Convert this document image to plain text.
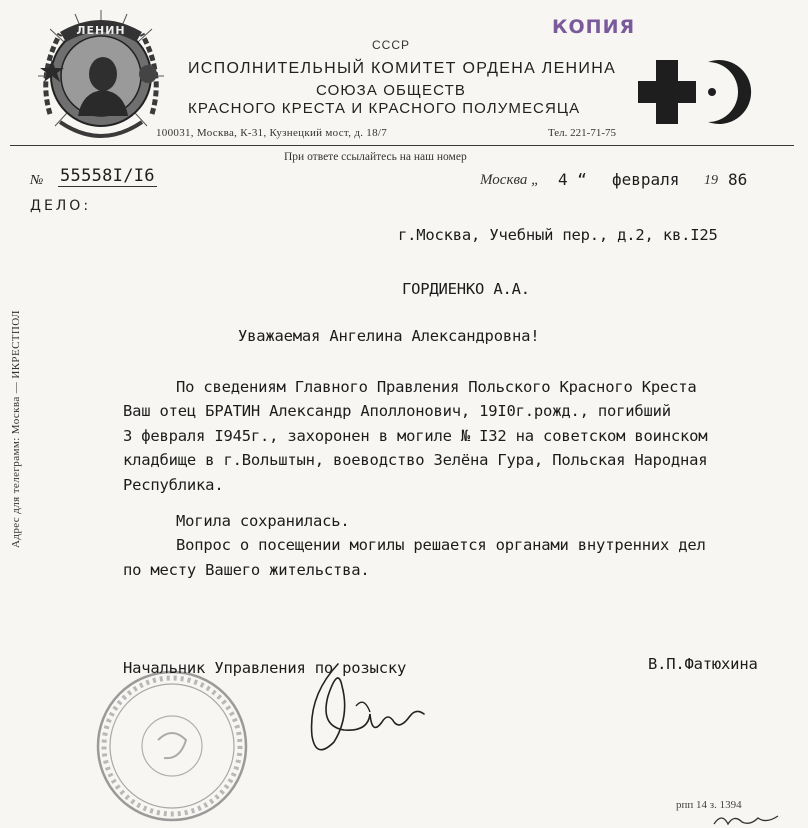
ЛЕНИН	КОПИЯ
СССР
ИСПОЛНИТЕЛЬНЫЙ КОМИТЕТ ОРДЕНА ЛЕНИНА
СОЮЗА ОБЩЕСТВ
КРАСНОГО КРЕСТА И КРАСНОГО ПОЛУМЕСЯЦА
100031, Москва, К-31, Кузнецкий мост, д. 18/7	Тел. 221-71-75
При ответе ссылайтесь на наш номер
№ 55558I/I6
ДЕЛО:
Москва „ 4 “ февраля 19 86
Адрес для телеграмм: Москва — ИКРЕСТПОЛ
г.Москва, Учебный пер., д.2, кв.I25
ГОРДИЕНКО А.А.
Уважаемая Ангелина Александровна!
По сведениям Главного Правления Польского Красного Креста
Ваш отец БРАТИН Александр Аполлонович, 19I0г.рожд., погибший
3 февраля I945г., захоронен в могиле № I32 на советском воинском
кладбище в г.Вольштын, воеводство Зелёна Гура, Польская Народная
Республика.
Могила сохранилась.
Вопрос о посещении могилы решается органами внутренних дел
по месту Вашего жительства.
Начальник Управления по розыску	В.П.Фатюхина
рпп 14 з. 1394
